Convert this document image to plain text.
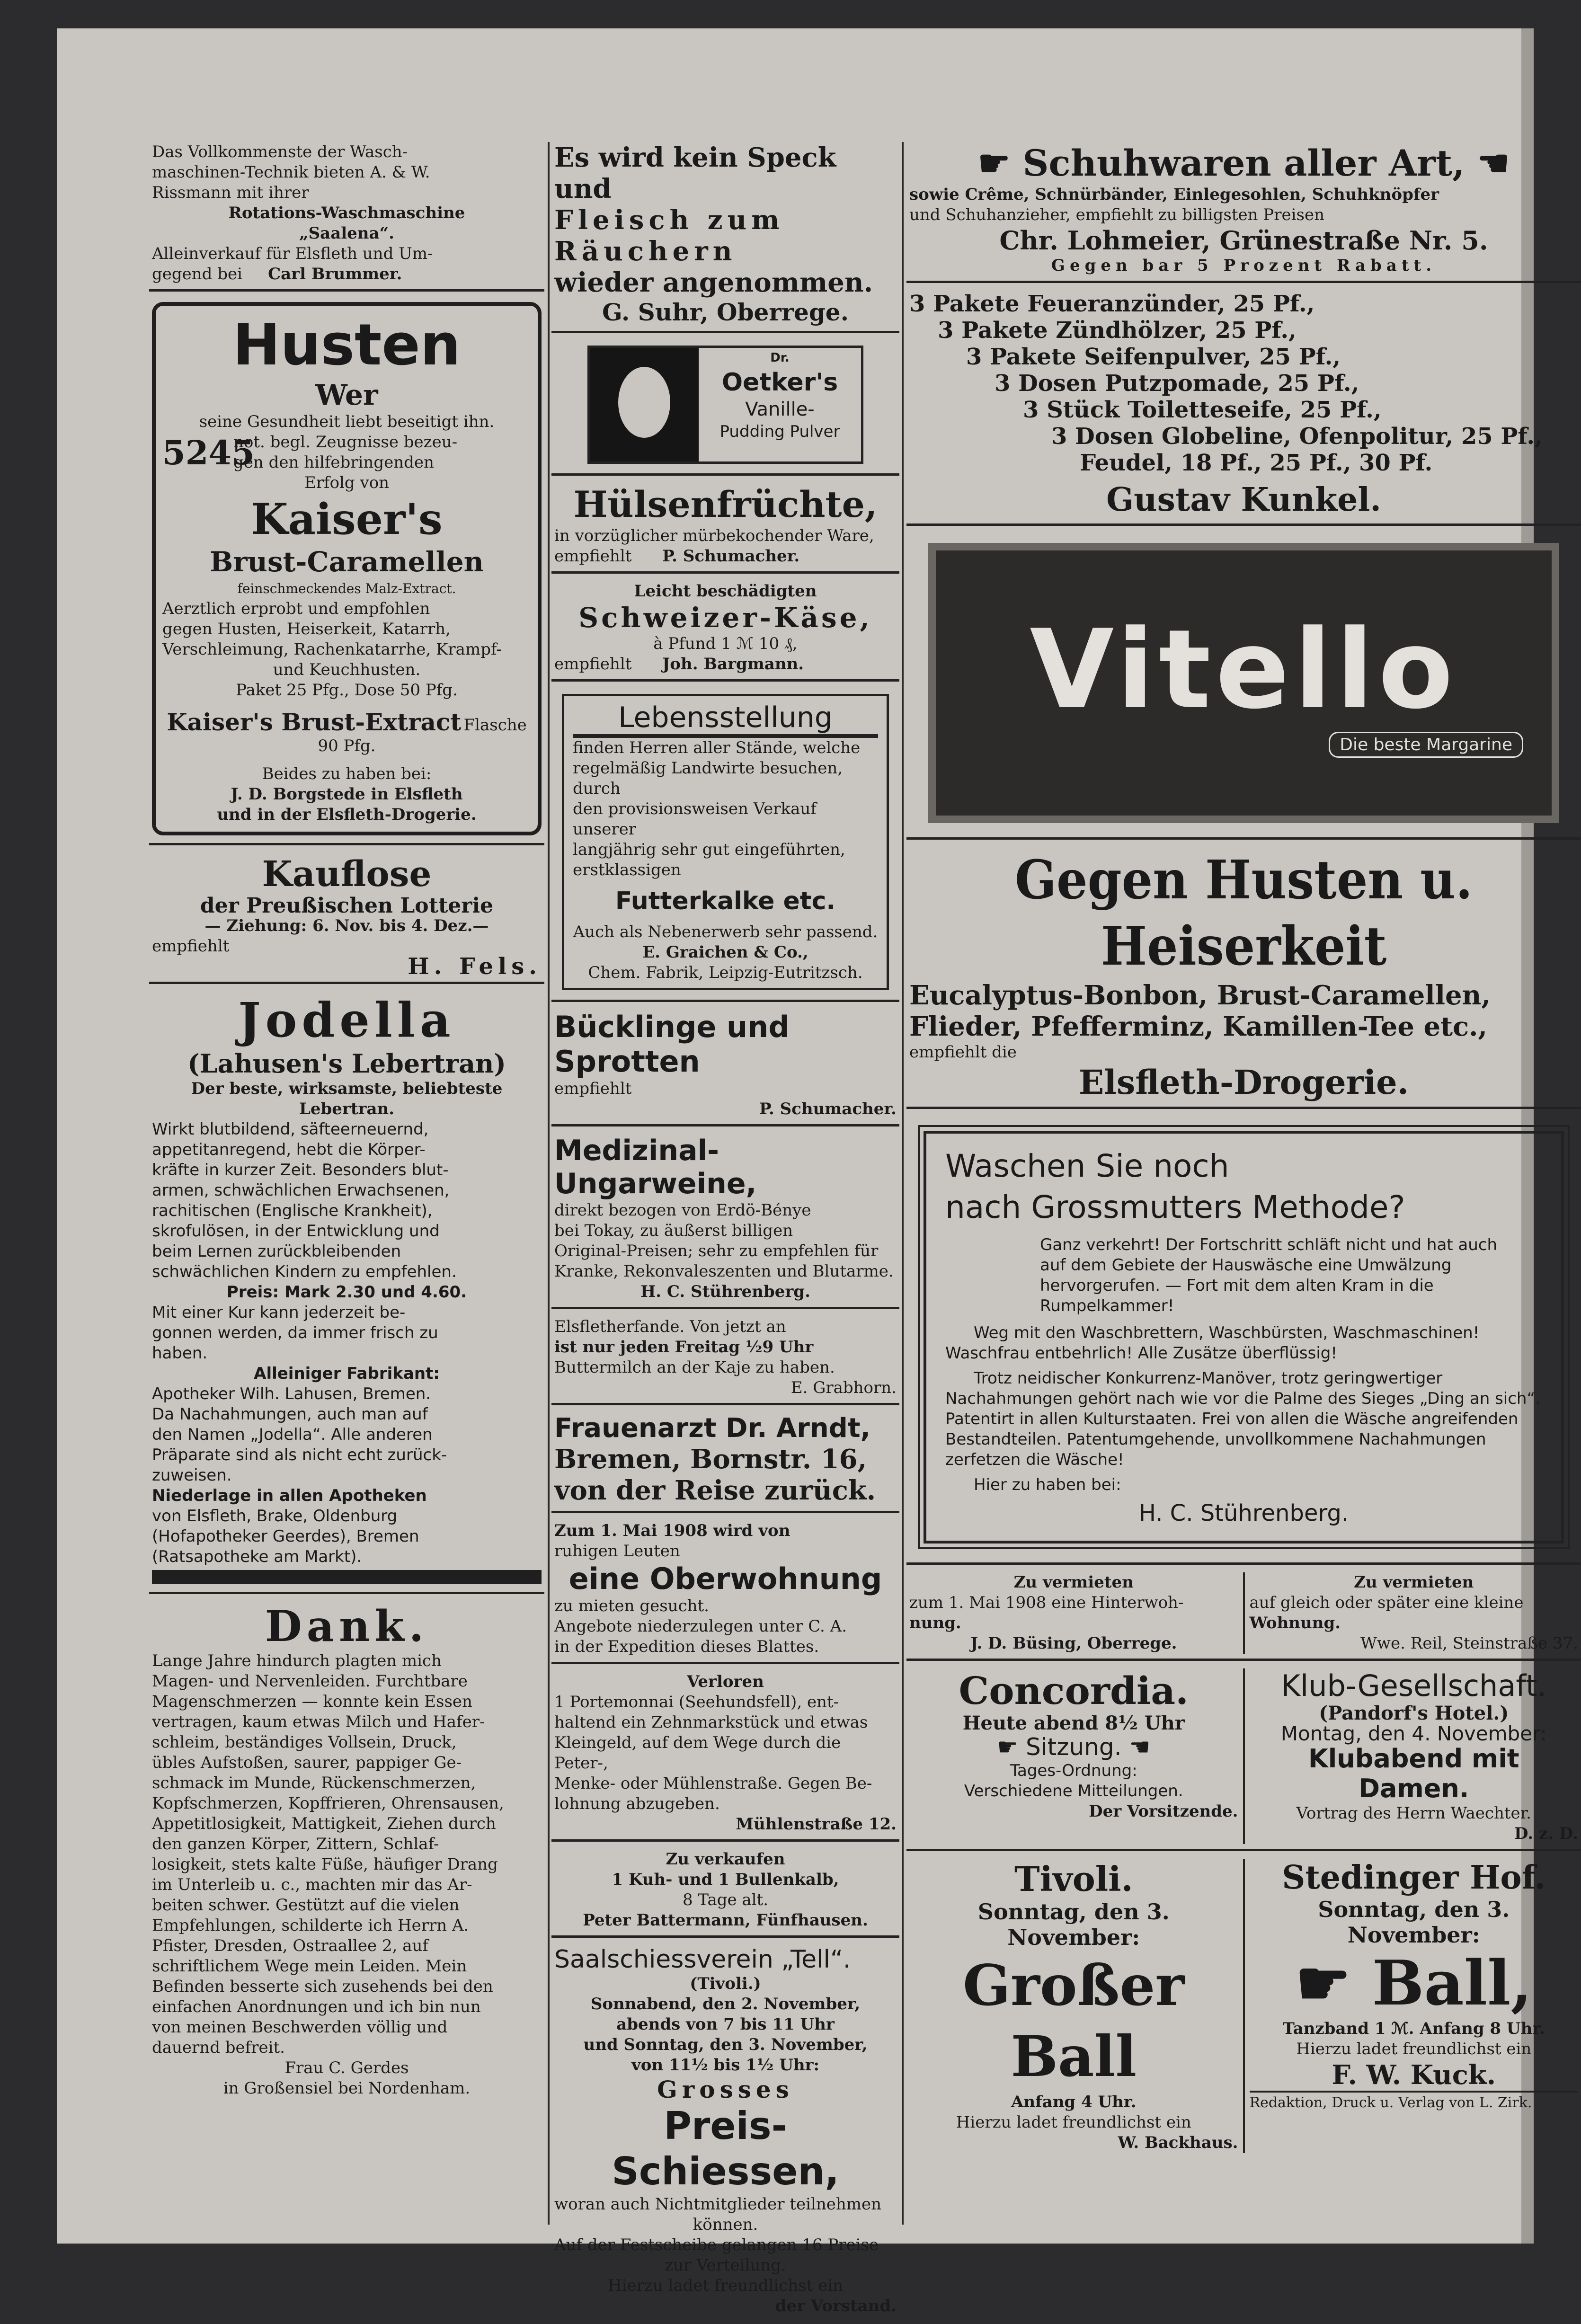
Das Vollkommenste der Wasch-

maschinen-Technik bieten A. & W.

Rissmann mit ihrer

Rotations-Waschmaschine

„Saalena“.

Alleinverkauf für Elsfleth und Um-

gegend bei Carl Brummer.

Husten

Wer

seine Gesundheit liebt beseitigt ihn.

5245

not. begl. Zeugnisse bezeu-

gen den hilfebringenden

Erfolg von

Kaiser's

Brust-Caramellen

feinschmeckendes Malz-Extract.

Aerztlich erprobt und empfohlen

gegen Husten, Heiserkeit, Katarrh,

Verschleimung, Rachenkatarrhe, Krampf-

und Keuchhusten.

Paket 25 Pfg., Dose 50 Pfg.

Kaiser's Brust-Extract Flasche 90 Pfg.

Beides zu haben bei:

J. D. Borgstede in Elsfleth

und in der Elsfleth-Drogerie.

Kauflose

der Preußischen Lotterie

— Ziehung: 6. Nov. bis 4. Dez.—

empfiehlt

H. Fels.

Jodella

(Lahusen's Lebertran)

Der beste, wirksamste, beliebteste

Lebertran.

Wirkt blutbildend, säfteerneuernd,

appetitanregend, hebt die Körper-

kräfte in kurzer Zeit. Besonders blut-

armen, schwächlichen Erwachsenen,

rachitischen (Englische Krankheit),

skrofulösen, in der Entwicklung und

beim Lernen zurückbleibenden

schwächlichen Kindern zu empfehlen.

Preis: Mark 2.30 und 4.60.

Mit einer Kur kann jederzeit be-

gonnen werden, da immer frisch zu

haben.

Alleiniger Fabrikant:

Apotheker Wilh. Lahusen, Bremen.

Da Nachahmungen, auch man auf

den Namen „Jodella“. Alle anderen

Präparate sind als nicht echt zurück-

zuweisen.

Niederlage in allen Apotheken

von Elsfleth, Brake, Oldenburg

(Hofapotheker Geerdes), Bremen

(Ratsapotheke am Markt).

Dank.

Lange Jahre hindurch plagten mich

Magen- und Nervenleiden. Furchtbare

Magenschmerzen — konnte kein Essen

vertragen, kaum etwas Milch und Hafer-

schleim, beständiges Vollsein, Druck,

übles Aufstoßen, saurer, pappiger Ge-

schmack im Munde, Rückenschmerzen,

Kopfschmerzen, Kopffrieren, Ohrensausen,

Appetitlosigkeit, Mattigkeit, Ziehen durch

den ganzen Körper, Zittern, Schlaf-

losigkeit, stets kalte Füße, häufiger Drang

im Unterleib u. c., machten mir das Ar-

beiten schwer. Gestützt auf die vielen

Empfehlungen, schilderte ich Herrn A.

Pfister, Dresden, Ostraallee 2, auf

schriftlichem Wege mein Leiden. Mein

Befinden besserte sich zusehends bei den

einfachen Anordnungen und ich bin nun

von meinen Beschwerden völlig und

dauernd befreit.

Frau C. Gerdes

in Großensiel bei Nordenham.

Es wird kein Speck und

Fleisch zum Räuchern

wieder angenommen.

G. Suhr, Oberrege.

Dr.

Oetker's

Vanille-

Pudding Pulver

Hülsenfrüchte,

in vorzüglicher mürbekochender Ware,

empfiehlt P. Schumacher.

Leicht beschädigten

Schweizer-Käse,

à Pfund 1 ℳ 10 ₰,

empfiehlt Joh. Bargmann.

Lebensstellung

finden Herren aller Stände, welche

regelmäßig Landwirte besuchen, durch

den provisionsweisen Verkauf unserer

langjährig sehr gut eingeführten,

erstklassigen

Futterkalke etc.

Auch als Nebenerwerb sehr passend.

E. Graichen & Co.,

Chem. Fabrik, Leipzig-Eutritzsch.

Bücklinge und Sprotten

empfiehlt

P. Schumacher.

Medizinal-Ungarweine,

direkt bezogen von Erdö-Bénye

bei Tokay, zu äußerst billigen

Original-Preisen; sehr zu empfehlen für

Kranke, Rekonvaleszenten und Blutarme.

H. C. Stührenberg.

Elsfletherfande. Von jetzt an

ist nur jeden Freitag ½9 Uhr

Buttermilch an der Kaje zu haben.

E. Grabhorn.

Frauenarzt Dr. Arndt,

Bremen, Bornstr. 16,

von der Reise zurück.

Zum 1. Mai 1908 wird von

ruhigen Leuten

eine Oberwohnung

zu mieten gesucht.

Angebote niederzulegen unter C. A.

in der Expedition dieses Blattes.

Verloren

1 Portemonnai (Seehundsfell), ent-

haltend ein Zehnmarkstück und etwas

Kleingeld, auf dem Wege durch die Peter-,

Menke- oder Mühlenstraße. Gegen Be-

lohnung abzugeben.

Mühlenstraße 12.

Zu verkaufen

1 Kuh- und 1 Bullenkalb,

8 Tage alt.

Peter Battermann, Fünfhausen.

Saalschiessverein „Tell“.

(Tivoli.)

Sonnabend, den 2. November,

abends von 7 bis 11 Uhr

und Sonntag, den 3. November,

von 11½ bis 1½ Uhr:

Grosses

Preis-Schiessen,

woran auch Nichtmitglieder teilnehmen

können.

Auf der Festscheibe gelangen 16 Preise

zur Verteilung.

Hierzu ladet freundlichst ein

der Vorstand.

☛ Schuhwaren aller Art, ☚

sowie Crême, Schnürbänder, Einlegesohlen, Schuhknöpfer

und Schuhanzieher, empfiehlt zu billigsten Preisen

Chr. Lohmeier, Grünestraße Nr. 5.

Gegen bar 5 Prozent Rabatt.

3 Pakete Feueranzünder, 25 Pf.,

3 Pakete Zündhölzer, 25 Pf.,

3 Pakete Seifenpulver, 25 Pf.,

3 Dosen Putzpomade, 25 Pf.,

3 Stück Toiletteseife, 25 Pf.,

3 Dosen Globeline, Ofenpolitur, 25 Pf.,

Feudel, 18 Pf., 25 Pf., 30 Pf.

Gustav Kunkel.

Vitello

Die beste Margarine

Gegen Husten u. Heiserkeit

Eucalyptus-Bonbon, Brust-Caramellen,

Flieder, Pfefferminz, Kamillen-Tee etc.,

empfiehlt die

Elsfleth-Drogerie.

Waschen Sie noch

nach Grossmutters Methode?

Ganz verkehrt! Der Fortschritt schläft nicht und hat auch auf dem Gebiete der Hauswäsche eine Umwälzung hervorgerufen. — Fort mit dem alten Kram in die Rumpelkammer!

Weg mit den Waschbrettern, Waschbürsten, Waschmaschinen! Waschfrau entbehrlich! Alle Zusätze überflüssig!

Trotz neidischer Konkurrenz-Manöver, trotz geringwertiger Nachahmungen gehört nach wie vor die Palme des Sieges „Ding an sich“. Patentirt in allen Kulturstaaten. Frei von allen die Wäsche angreifenden Bestandteilen. Patentumgehende, unvollkommene Nachahmungen zerfetzen die Wäsche!

Hier zu haben bei:

H. C. Stührenberg.

Zu vermieten

zum 1. Mai 1908 eine Hinterwoh-

nung.

J. D. Büsing, Oberrege.

Zu vermieten

auf gleich oder später eine kleine

Wohnung.

Wwe. Reil, Steinstraße 37.

Concordia.

Heute abend 8½ Uhr

☛ Sitzung. ☚

Tages-Ordnung:

Verschiedene Mitteilungen.

Der Vorsitzende.

Klub-Gesellschaft.

(Pandorf's Hotel.)

Montag, den 4. November:

Klubabend mit Damen.

Vortrag des Herrn Waechter.

D. z. D.

Tivoli.

Sonntag, den 3. November:

Großer Ball

Anfang 4 Uhr.

Hierzu ladet freundlichst ein

W. Backhaus.

Stedinger Hof.

Sonntag, den 3. November:

☛ Ball,

Tanzband 1 ℳ. Anfang 8 Uhr.

Hierzu ladet freundlichst ein

F. W. Kuck.

Redaktion, Druck u. Verlag von L. Zirk.
